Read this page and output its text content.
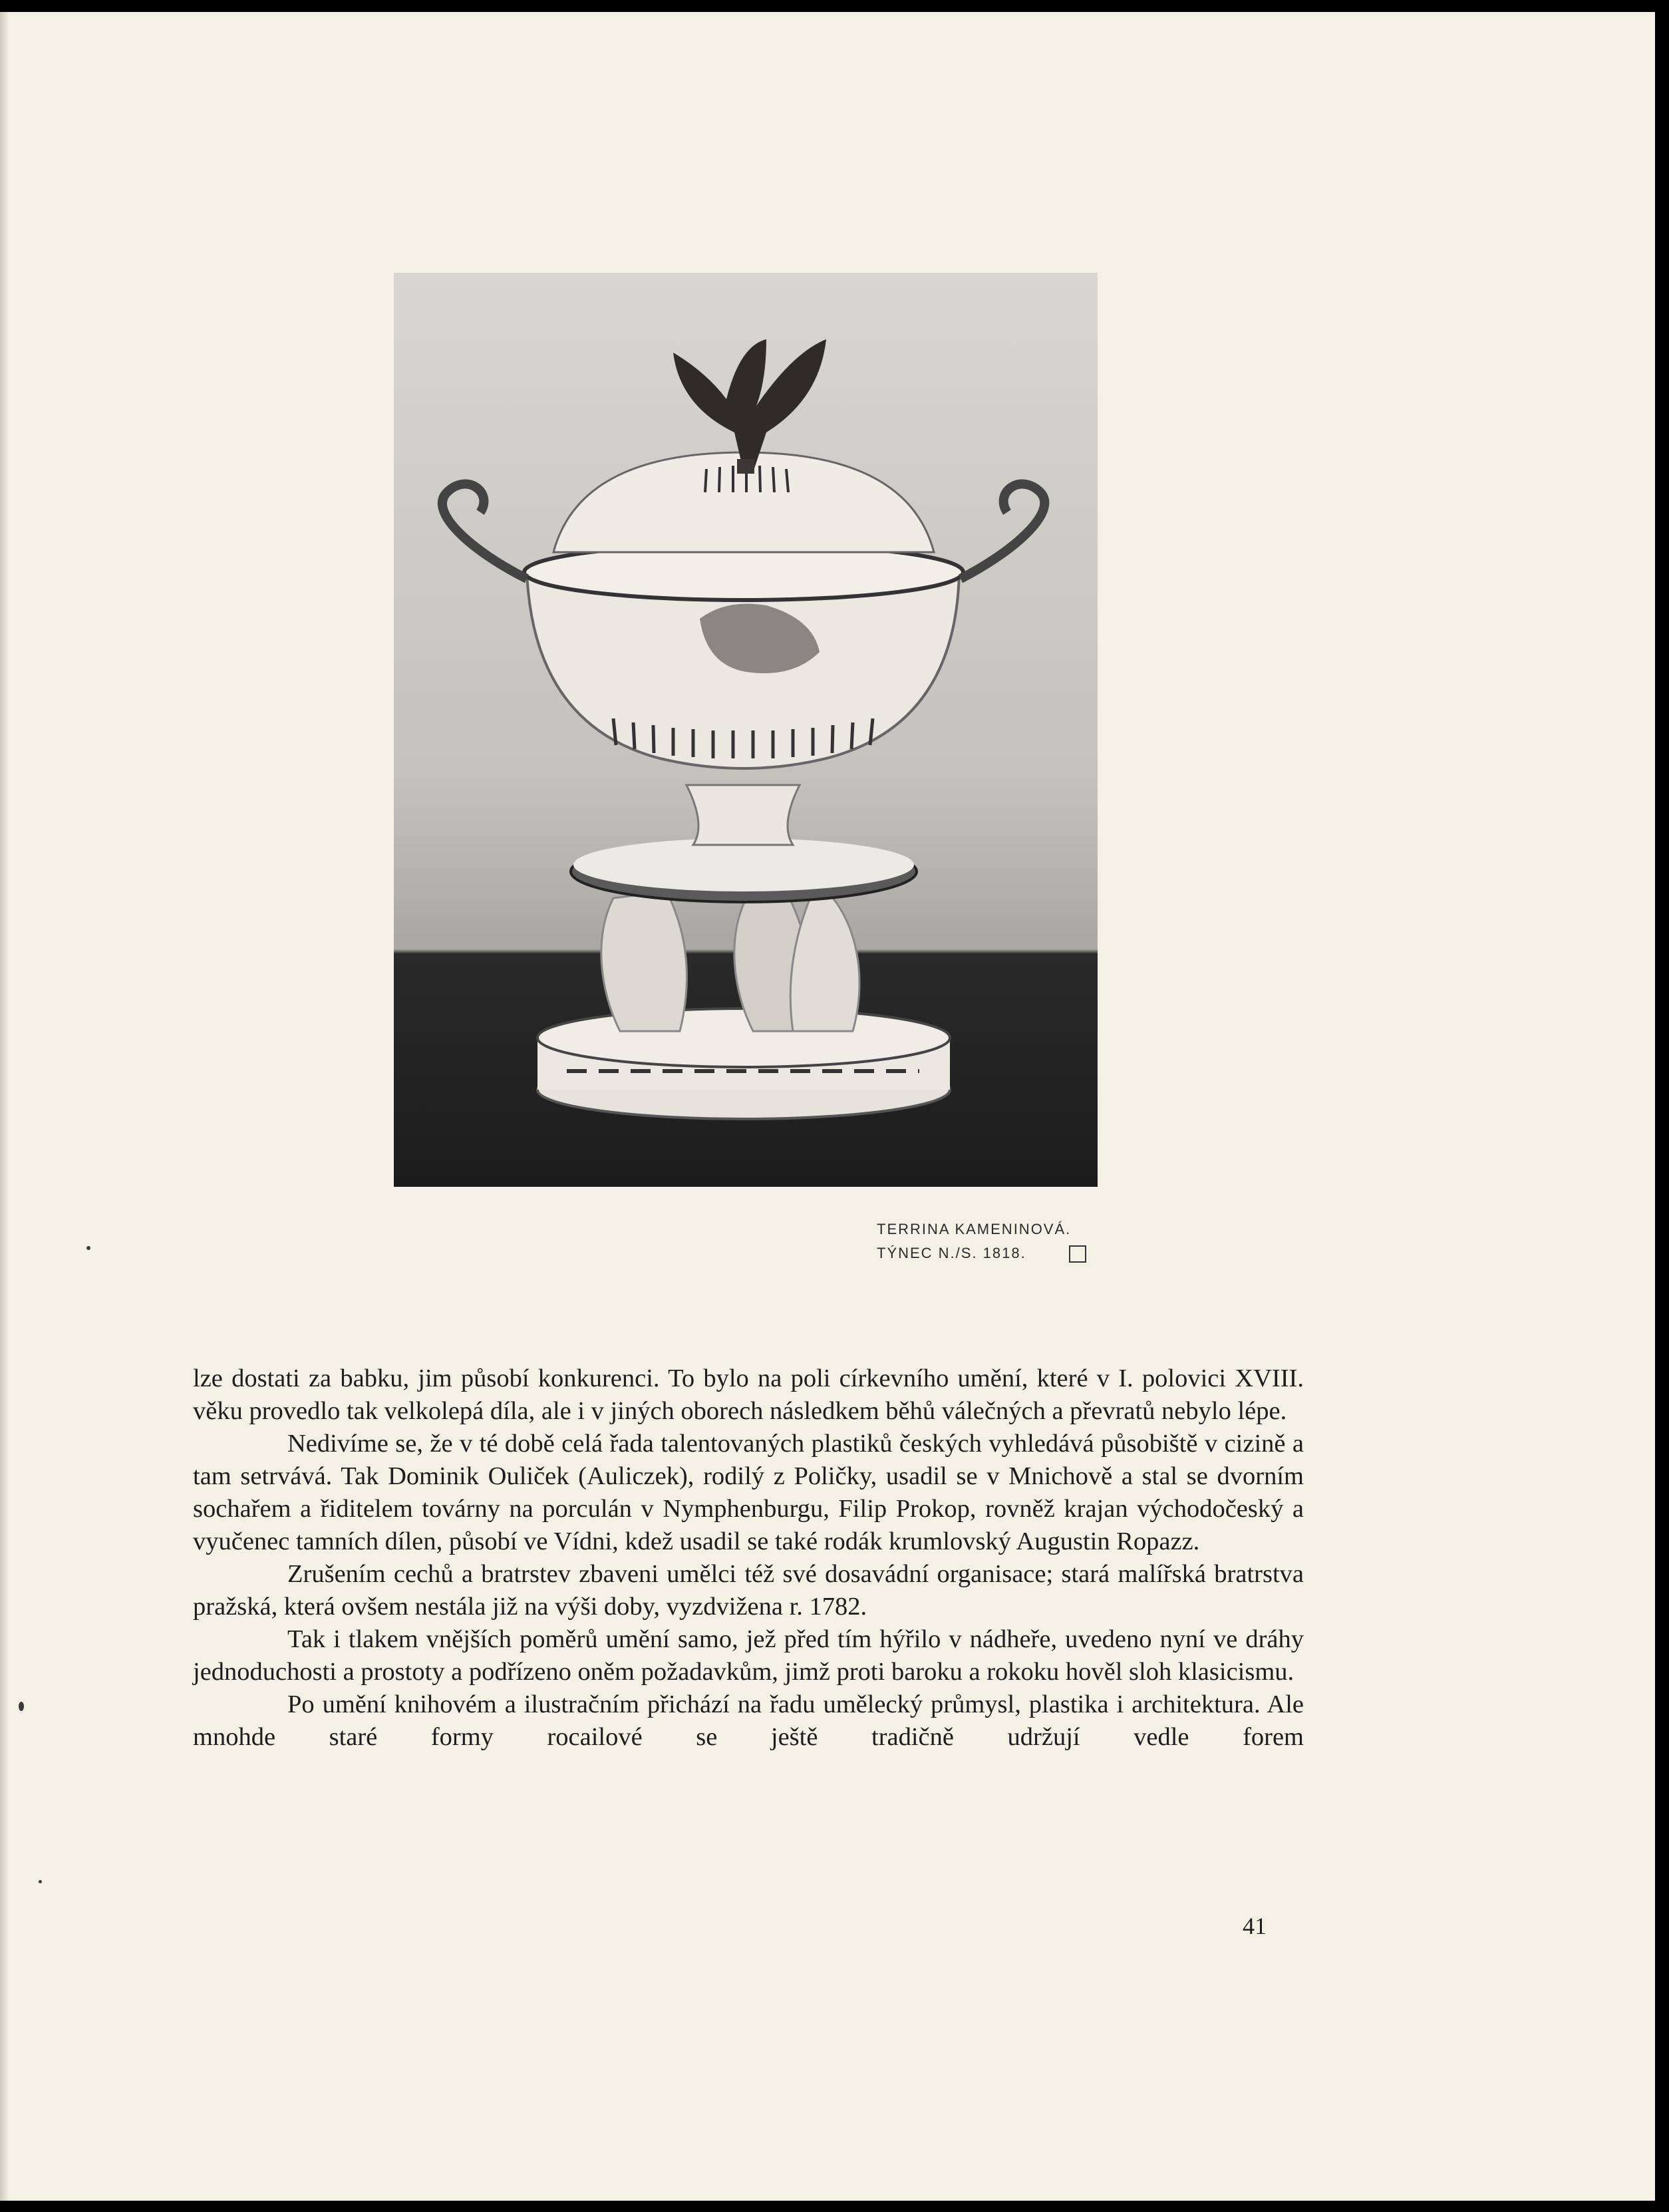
TERRINA KAMENINOVÁ.
TÝNEC N./S. 1818.

lze dostati za babku, jim působí konkurenci. To bylo na poli církevního umění, které v I. polovici XVIII. věku provedlo tak velkolepá díla, ale i v jiných oborech následkem běhů válečných a převratů nebylo lépe.

Nedivíme se, že v té době celá řada talentovaných plastiků českých vyhledává působiště v cizině a tam setrvává. Tak Dominik Ouliček (Auliczek), rodilý z Poličky, usadil se v Mnichově a stal se dvorním sochařem a řiditelem továrny na porculán v Nymphenburgu, Filip Prokop, rovněž krajan východočeský a vyučenec tamních dílen, působí ve Vídni, kdež usadil se také rodák krumlovský Augustin Ropazz.

Zrušením cechů a bratrstev zbaveni umělci též své dosavádní organisace; stará malířská bratrstva pražská, která ovšem nestála již na výši doby, vyzdvižena r. 1782.

Tak i tlakem vnějších poměrů umění samo, jež před tím hýřilo v nádheře, uvedeno nyní ve dráhy jednoduchosti a prostoty a podřízeno oněm požadavkům, jimž proti baroku a rokoku hověl sloh klasicismu.

Po umění knihovém a ilustračním přichází na řadu umělecký průmysl, plastika i architektura. Ale mnohde staré formy rocailové se ještě tradičně udržují vedle forem

41
